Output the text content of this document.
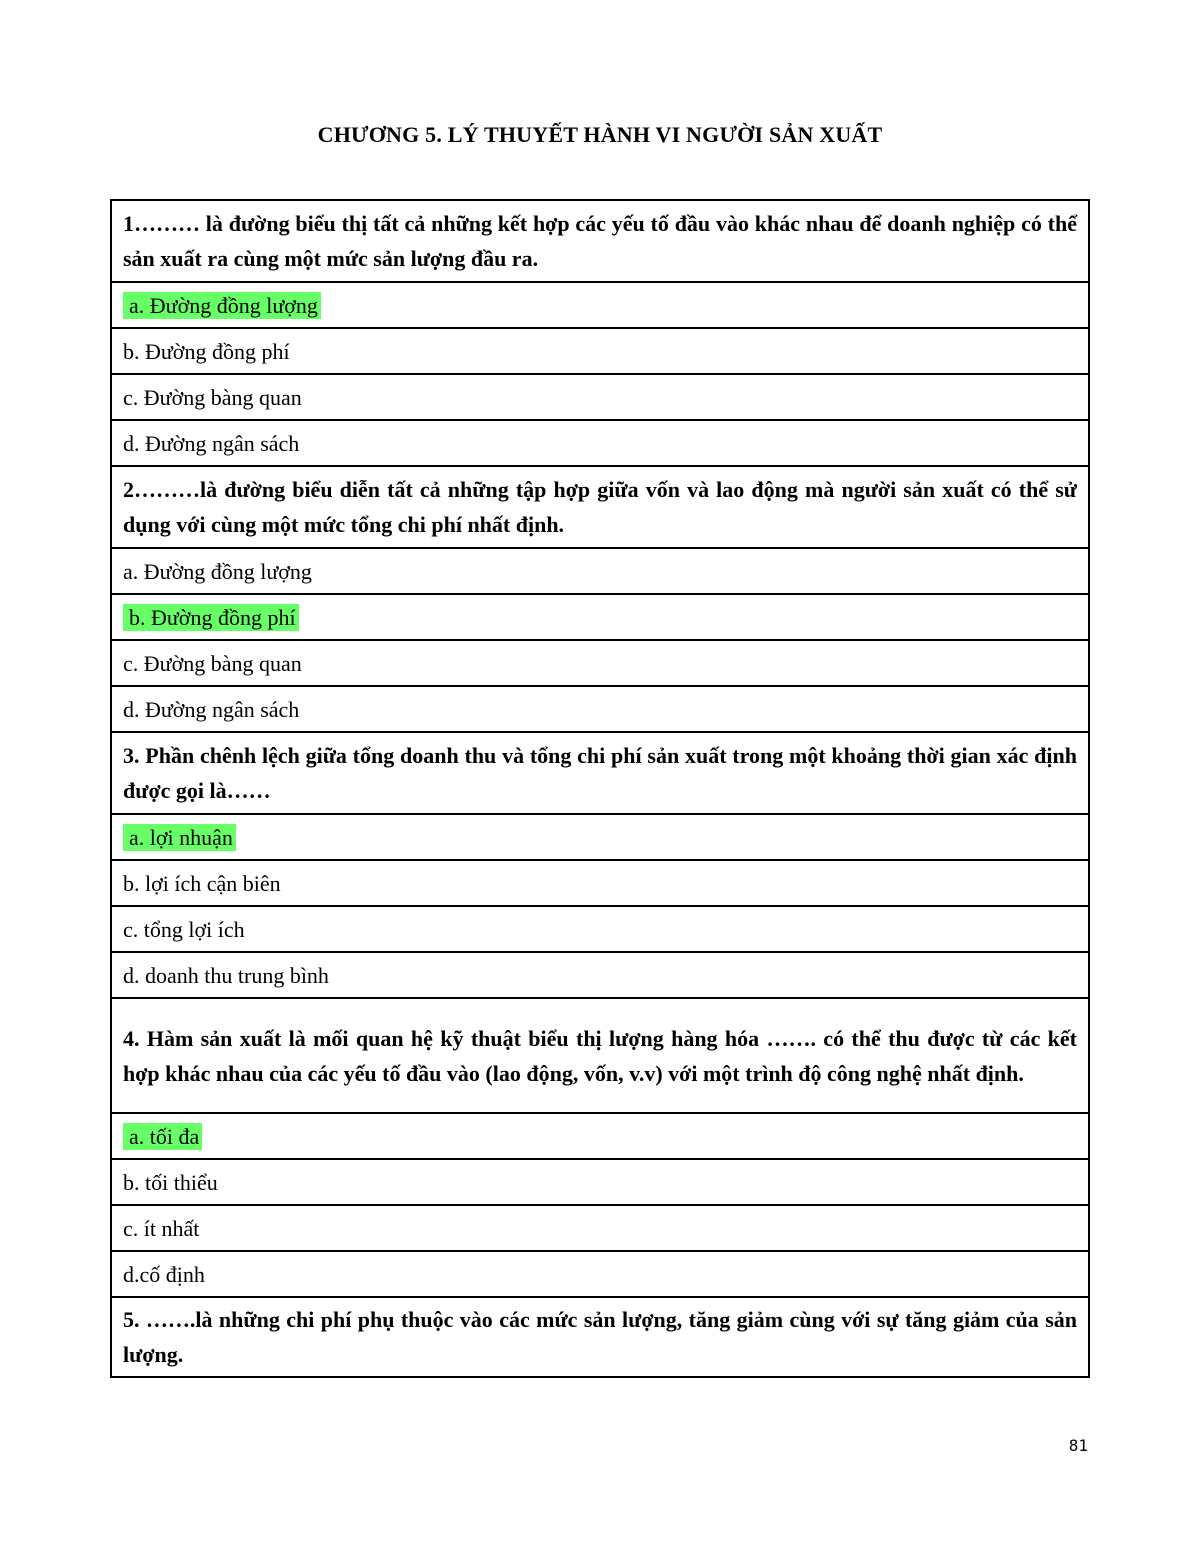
CHƯƠNG 5. LÝ THUYẾT HÀNH VI NGƯỜI SẢN XUẤT
1……… là đường biểu thị tất cả những kết hợp các yếu tố đầu vào khác nhau để doanh nghiệp có thể sản xuất ra cùng một mức sản lượng đầu ra.
a. Đường đồng lượng
b. Đường đồng phí
c. Đường bàng quan
d. Đường ngân sách
2………là đường biểu diễn tất cả những tập hợp giữa vốn và lao động mà người sản xuất có thể sử dụng với cùng một mức tổng chi phí nhất định.
a. Đường đồng lượng
b. Đường đồng phí
c. Đường bàng quan
d. Đường ngân sách
3. Phần chênh lệch giữa tổng doanh thu và tổng chi phí sản xuất trong một khoảng thời gian xác định được gọi là……
a. lợi nhuận
b. lợi ích cận biên
c. tổng lợi ích
d. doanh thu trung bình
4. Hàm sản xuất là mối quan hệ kỹ thuật biểu thị lượng hàng hóa ……. có thể thu được từ các kết hợp khác nhau của các yếu tố đầu vào (lao động, vốn, v.v) với một trình độ công nghệ nhất định.
a. tối đa
b. tối thiểu
c. ít nhất
d.cố định
5. …….là những chi phí phụ thuộc vào các mức sản lượng, tăng giảm cùng với sự tăng giảm của sản lượng.
81
